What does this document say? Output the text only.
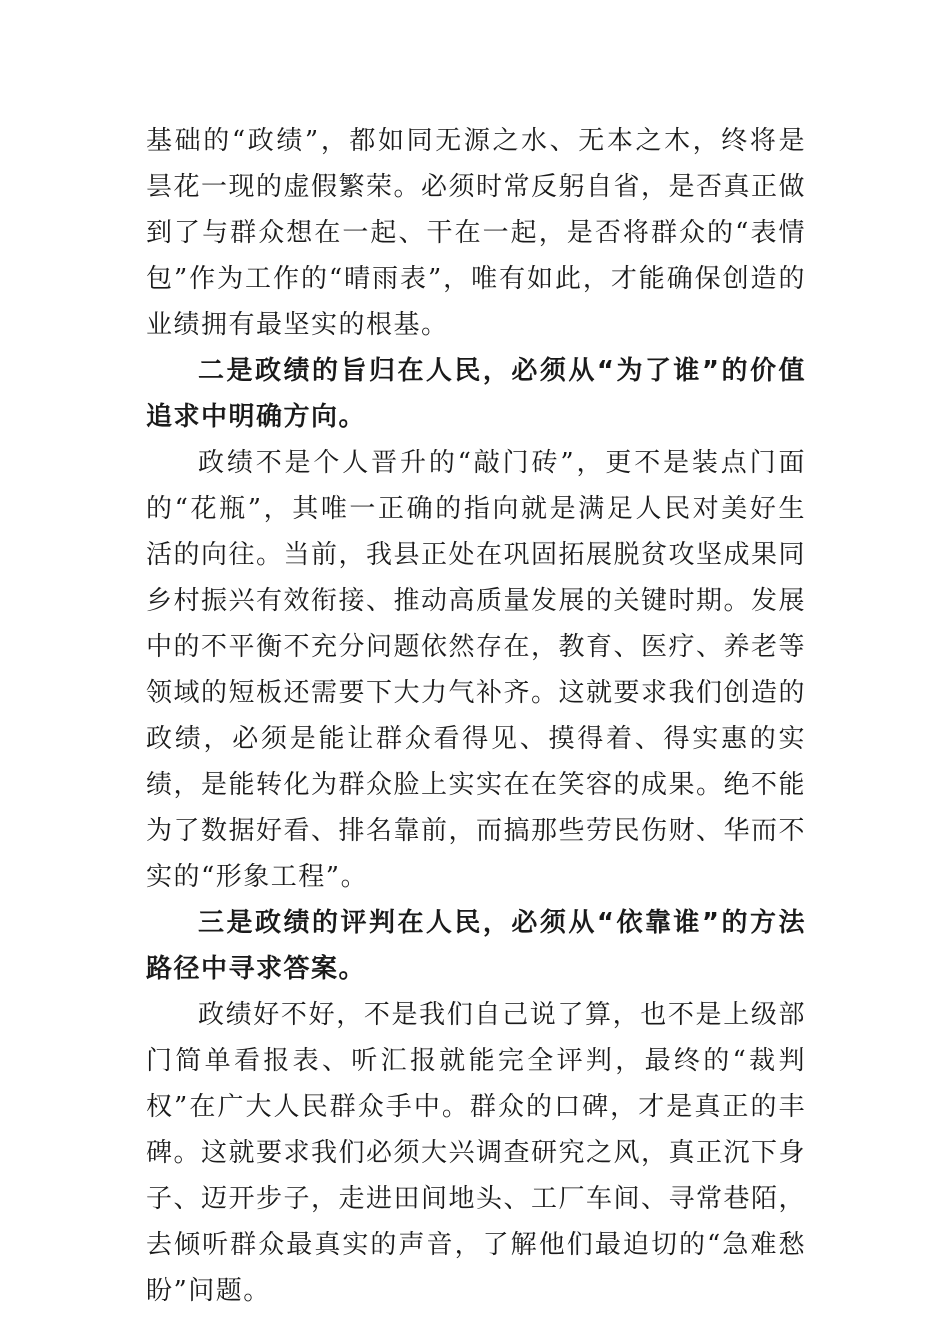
基础的“政绩”，都如同无源之水、无本之木，终将是昙花一现的虚假繁荣。必须时常反躬自省，是否真正做到了与群众想在一起、干在一起，是否将群众的“表情包”作为工作的“晴雨表”，唯有如此，才能确保创造的业绩拥有最坚实的根基。

二是政绩的旨归在人民，必须从“为了谁”的价值追求中明确方向。

政绩不是个人晋升的“敲门砖”，更不是装点门面的“花瓶”，其唯一正确的指向就是满足人民对美好生活的向往。当前，我县正处在巩固拓展脱贫攻坚成果同乡村振兴有效衔接、推动高质量发展的关键时期。发展中的不平衡不充分问题依然存在，教育、医疗、养老等领域的短板还需要下大力气补齐。这就要求我们创造的政绩，必须是能让群众看得见、摸得着、得实惠的实绩，是能转化为群众脸上实实在在笑容的成果。绝不能为了数据好看、排名靠前，而搞那些劳民伤财、华而不实的“形象工程”。

三是政绩的评判在人民，必须从“依靠谁”的方法路径中寻求答案。

政绩好不好，不是我们自己说了算，也不是上级部门简单看报表、听汇报就能完全评判，最终的“裁判权”在广大人民群众手中。群众的口碑，才是真正的丰碑。这就要求我们必须大兴调查研究之风，真正沉下身子、迈开步子，走进田间地头、工厂车间、寻常巷陌，去倾听群众最真实的声音，了解他们最迫切的“急难愁盼”问题。
